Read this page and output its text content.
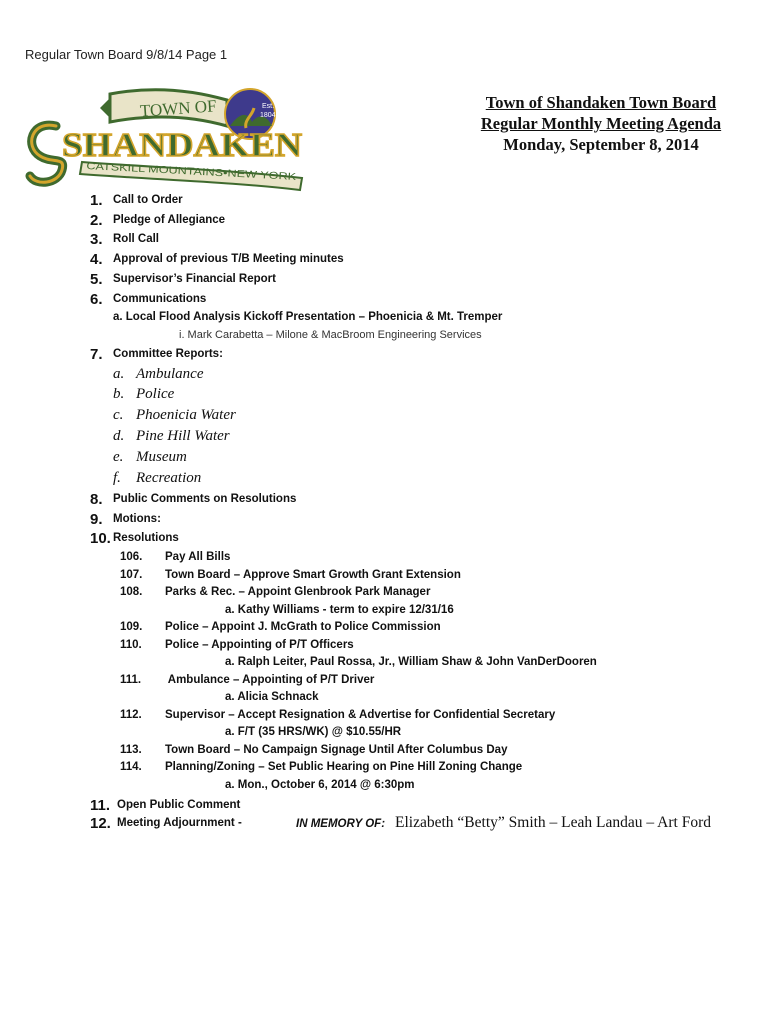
Regular Town Board 9/8/14 Page 1
TOWN OF	Est.
1804
SHANDAKEN
CATSKILL MOUNTAINS•NEW YORK
Town of Shandaken Town Board
Regular Monthly Meeting Agenda
Monday, September 8, 2014
1. Call to Order
2. Pledge of Allegiance
3. Roll Call
4. Approval of previous T/B Meeting minutes
5. Supervisor’s Financial Report
6. Communications
a. Local Flood Analysis Kickoff Presentation – Phoenicia & Mt. Tremper
i. Mark Carabetta – Milone & MacBroom Engineering Services
7. Committee Reports:
a. Ambulance
b. Police
c. Phoenicia Water
d. Pine Hill Water
e. Museum
f. Recreation
8. Public Comments on Resolutions
9. Motions:
10. Resolutions
106. Pay All Bills
107. Town Board – Approve Smart Growth Grant Extension
108. Parks & Rec. – Appoint Glenbrook Park Manager
a. Kathy Williams - term to expire 12/31/16
109. Police – Appoint J. McGrath to Police Commission
110. Police – Appointing of P/T Officers
a. Ralph Leiter, Paul Rossa, Jr., William Shaw & John VanDerDooren
111. Ambulance – Appointing of P/T Driver
a. Alicia Schnack
112. Supervisor – Accept Resignation & Advertise for Confidential Secretary
a. F/T (35 HRS/WK) @ $10.55/HR
113. Town Board – No Campaign Signage Until After Columbus Day
114. Planning/Zoning – Set Public Hearing on Pine Hill Zoning Change
a. Mon., October 6, 2014 @ 6:30pm
11. Open Public Comment
12. Meeting Adjournment -	IN MEMORY OF: Elizabeth “Betty” Smith – Leah Landau – Art Ford
